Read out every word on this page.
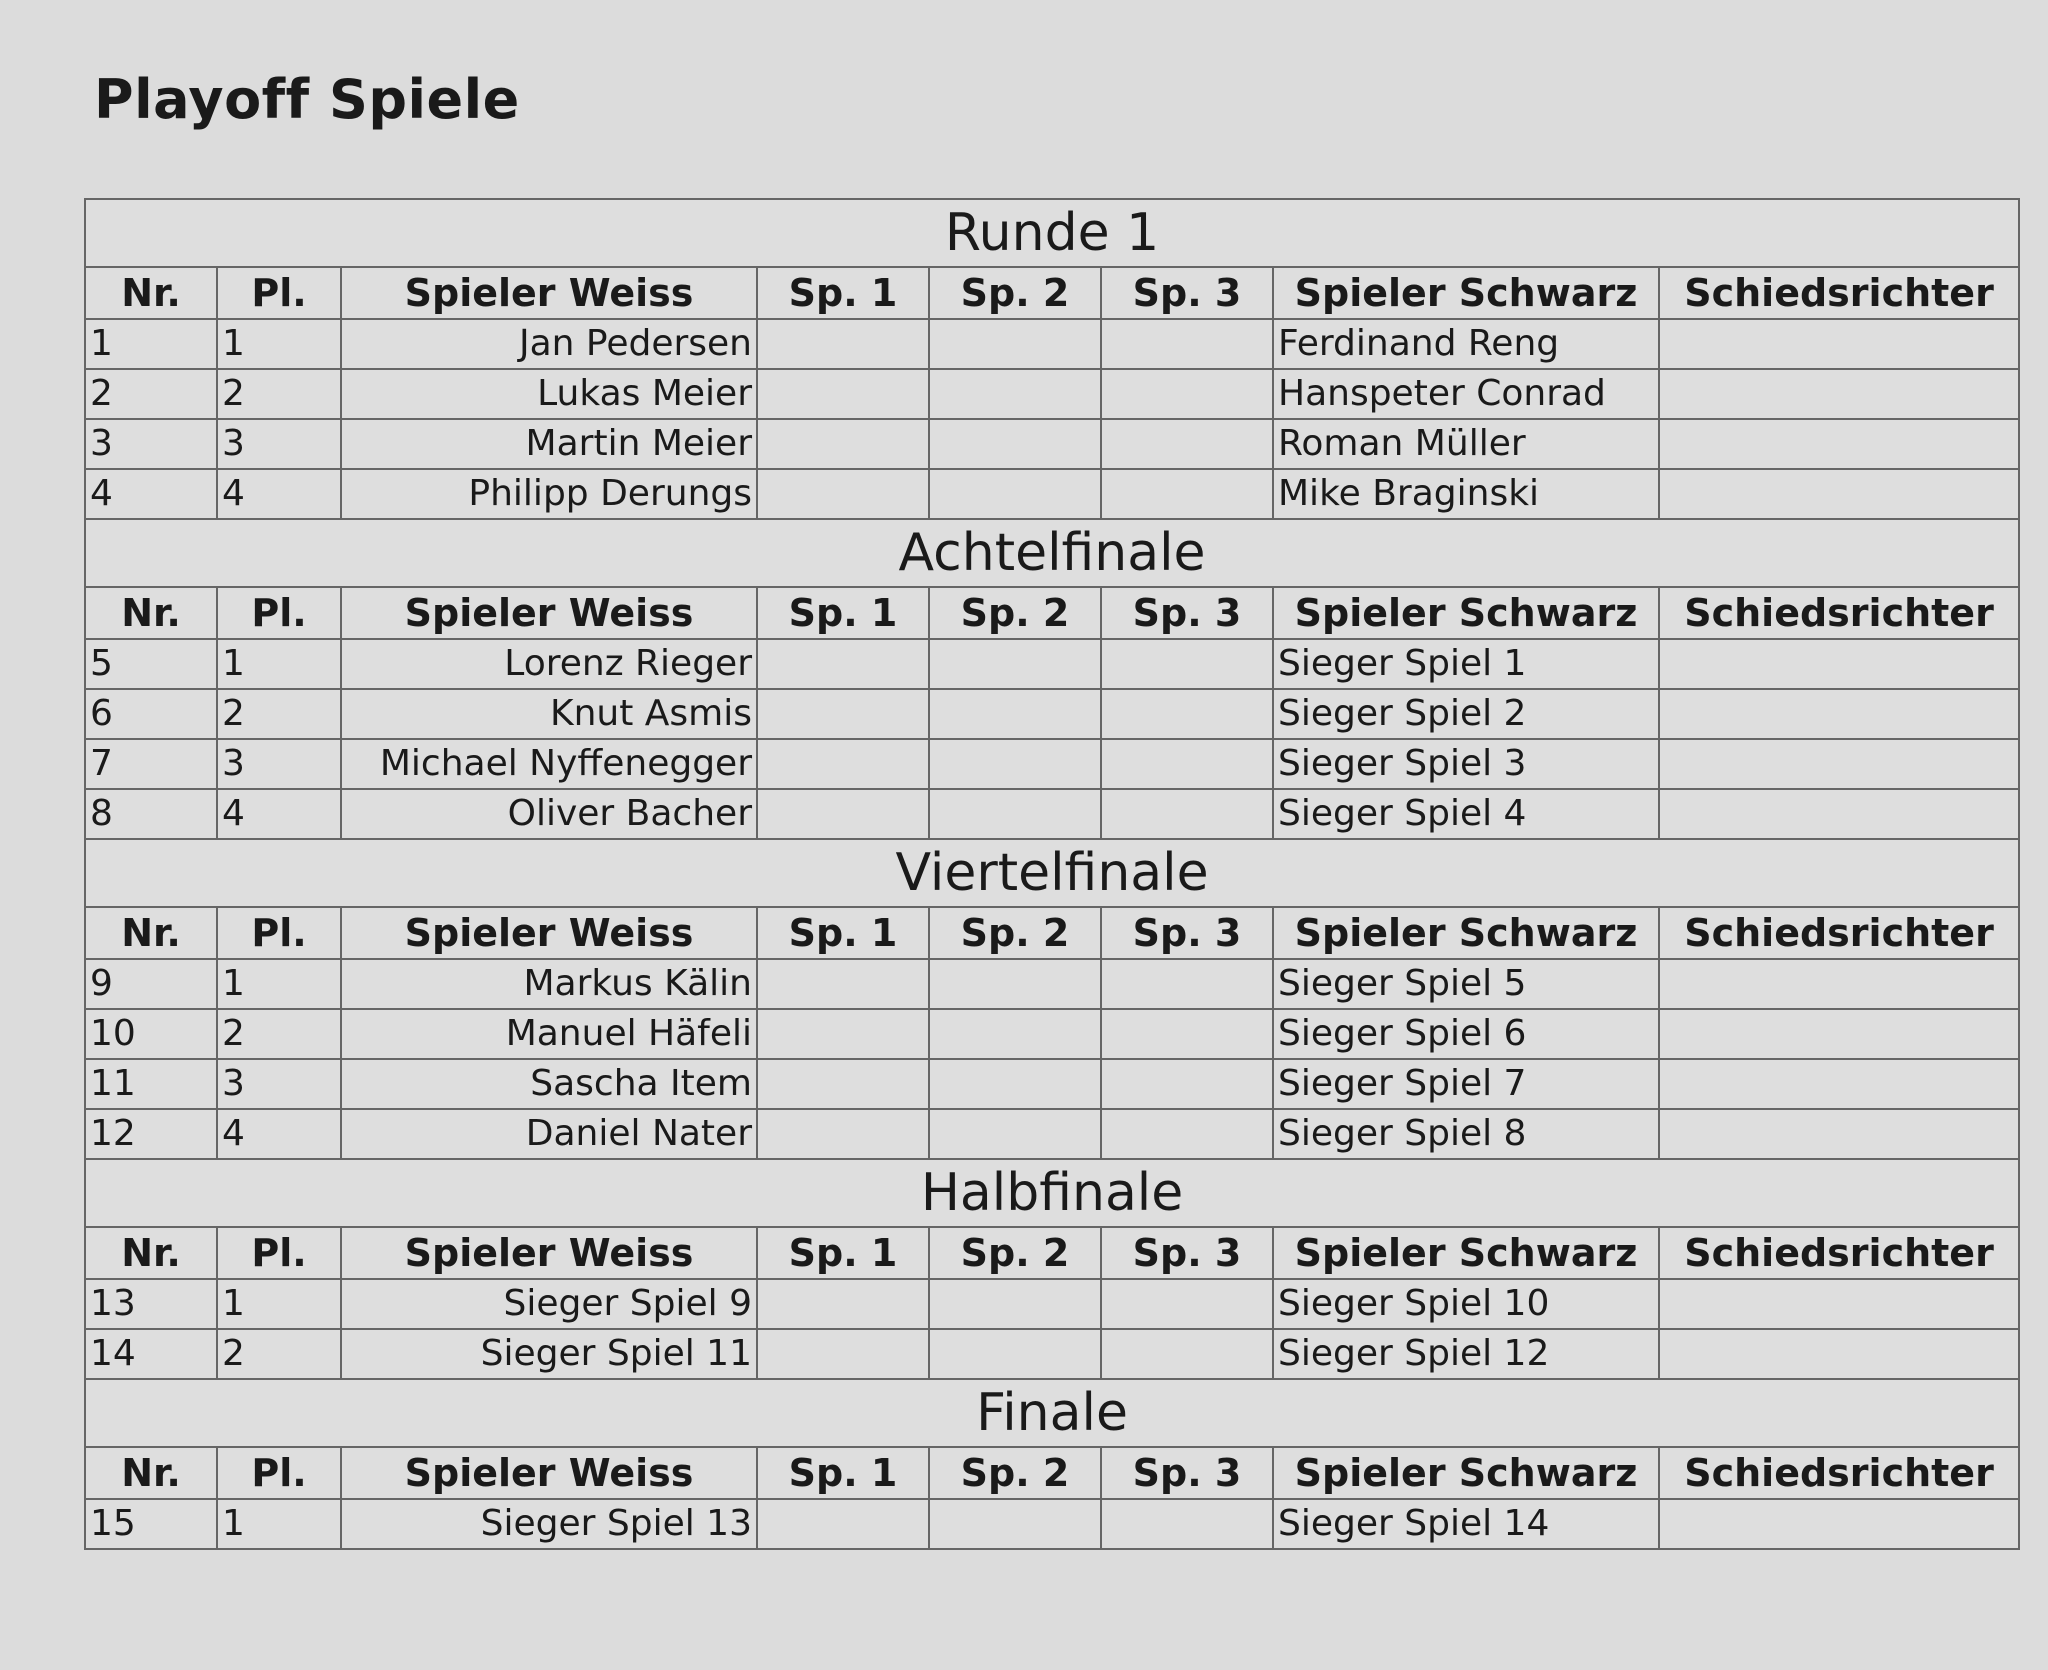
Playoff Spiele
Runde 1							
Nr.	Pl.	Spieler Weiss	Sp. 1	Sp. 2	Sp. 3	Spieler Schwarz	Schiedsrichter
1	1	Jan Pedersen				Ferdinand Reng	
2	2	Lukas Meier				Hanspeter Conrad	
3	3	Martin Meier				Roman Müller	
4	4	Philipp Derungs				Mike Braginski	
Achtelfinale							
Nr.	Pl.	Spieler Weiss	Sp. 1	Sp. 2	Sp. 3	Spieler Schwarz	Schiedsrichter
5	1	Lorenz Rieger				Sieger Spiel 1	
6	2	Knut Asmis				Sieger Spiel 2	
7	3	Michael Nyffenegger				Sieger Spiel 3	
8	4	Oliver Bacher				Sieger Spiel 4	
Viertelfinale							
Nr.	Pl.	Spieler Weiss	Sp. 1	Sp. 2	Sp. 3	Spieler Schwarz	Schiedsrichter
9	1	Markus Kälin				Sieger Spiel 5	
10	2	Manuel Häfeli				Sieger Spiel 6	
11	3	Sascha Item				Sieger Spiel 7	
12	4	Daniel Nater				Sieger Spiel 8	
Halbfinale							
Nr.	Pl.	Spieler Weiss	Sp. 1	Sp. 2	Sp. 3	Spieler Schwarz	Schiedsrichter
13	1	Sieger Spiel 9				Sieger Spiel 10	
14	2	Sieger Spiel 11				Sieger Spiel 12	
Finale							
Nr.	Pl.	Spieler Weiss	Sp. 1	Sp. 2	Sp. 3	Spieler Schwarz	Schiedsrichter
15	1	Sieger Spiel 13				Sieger Spiel 14	
